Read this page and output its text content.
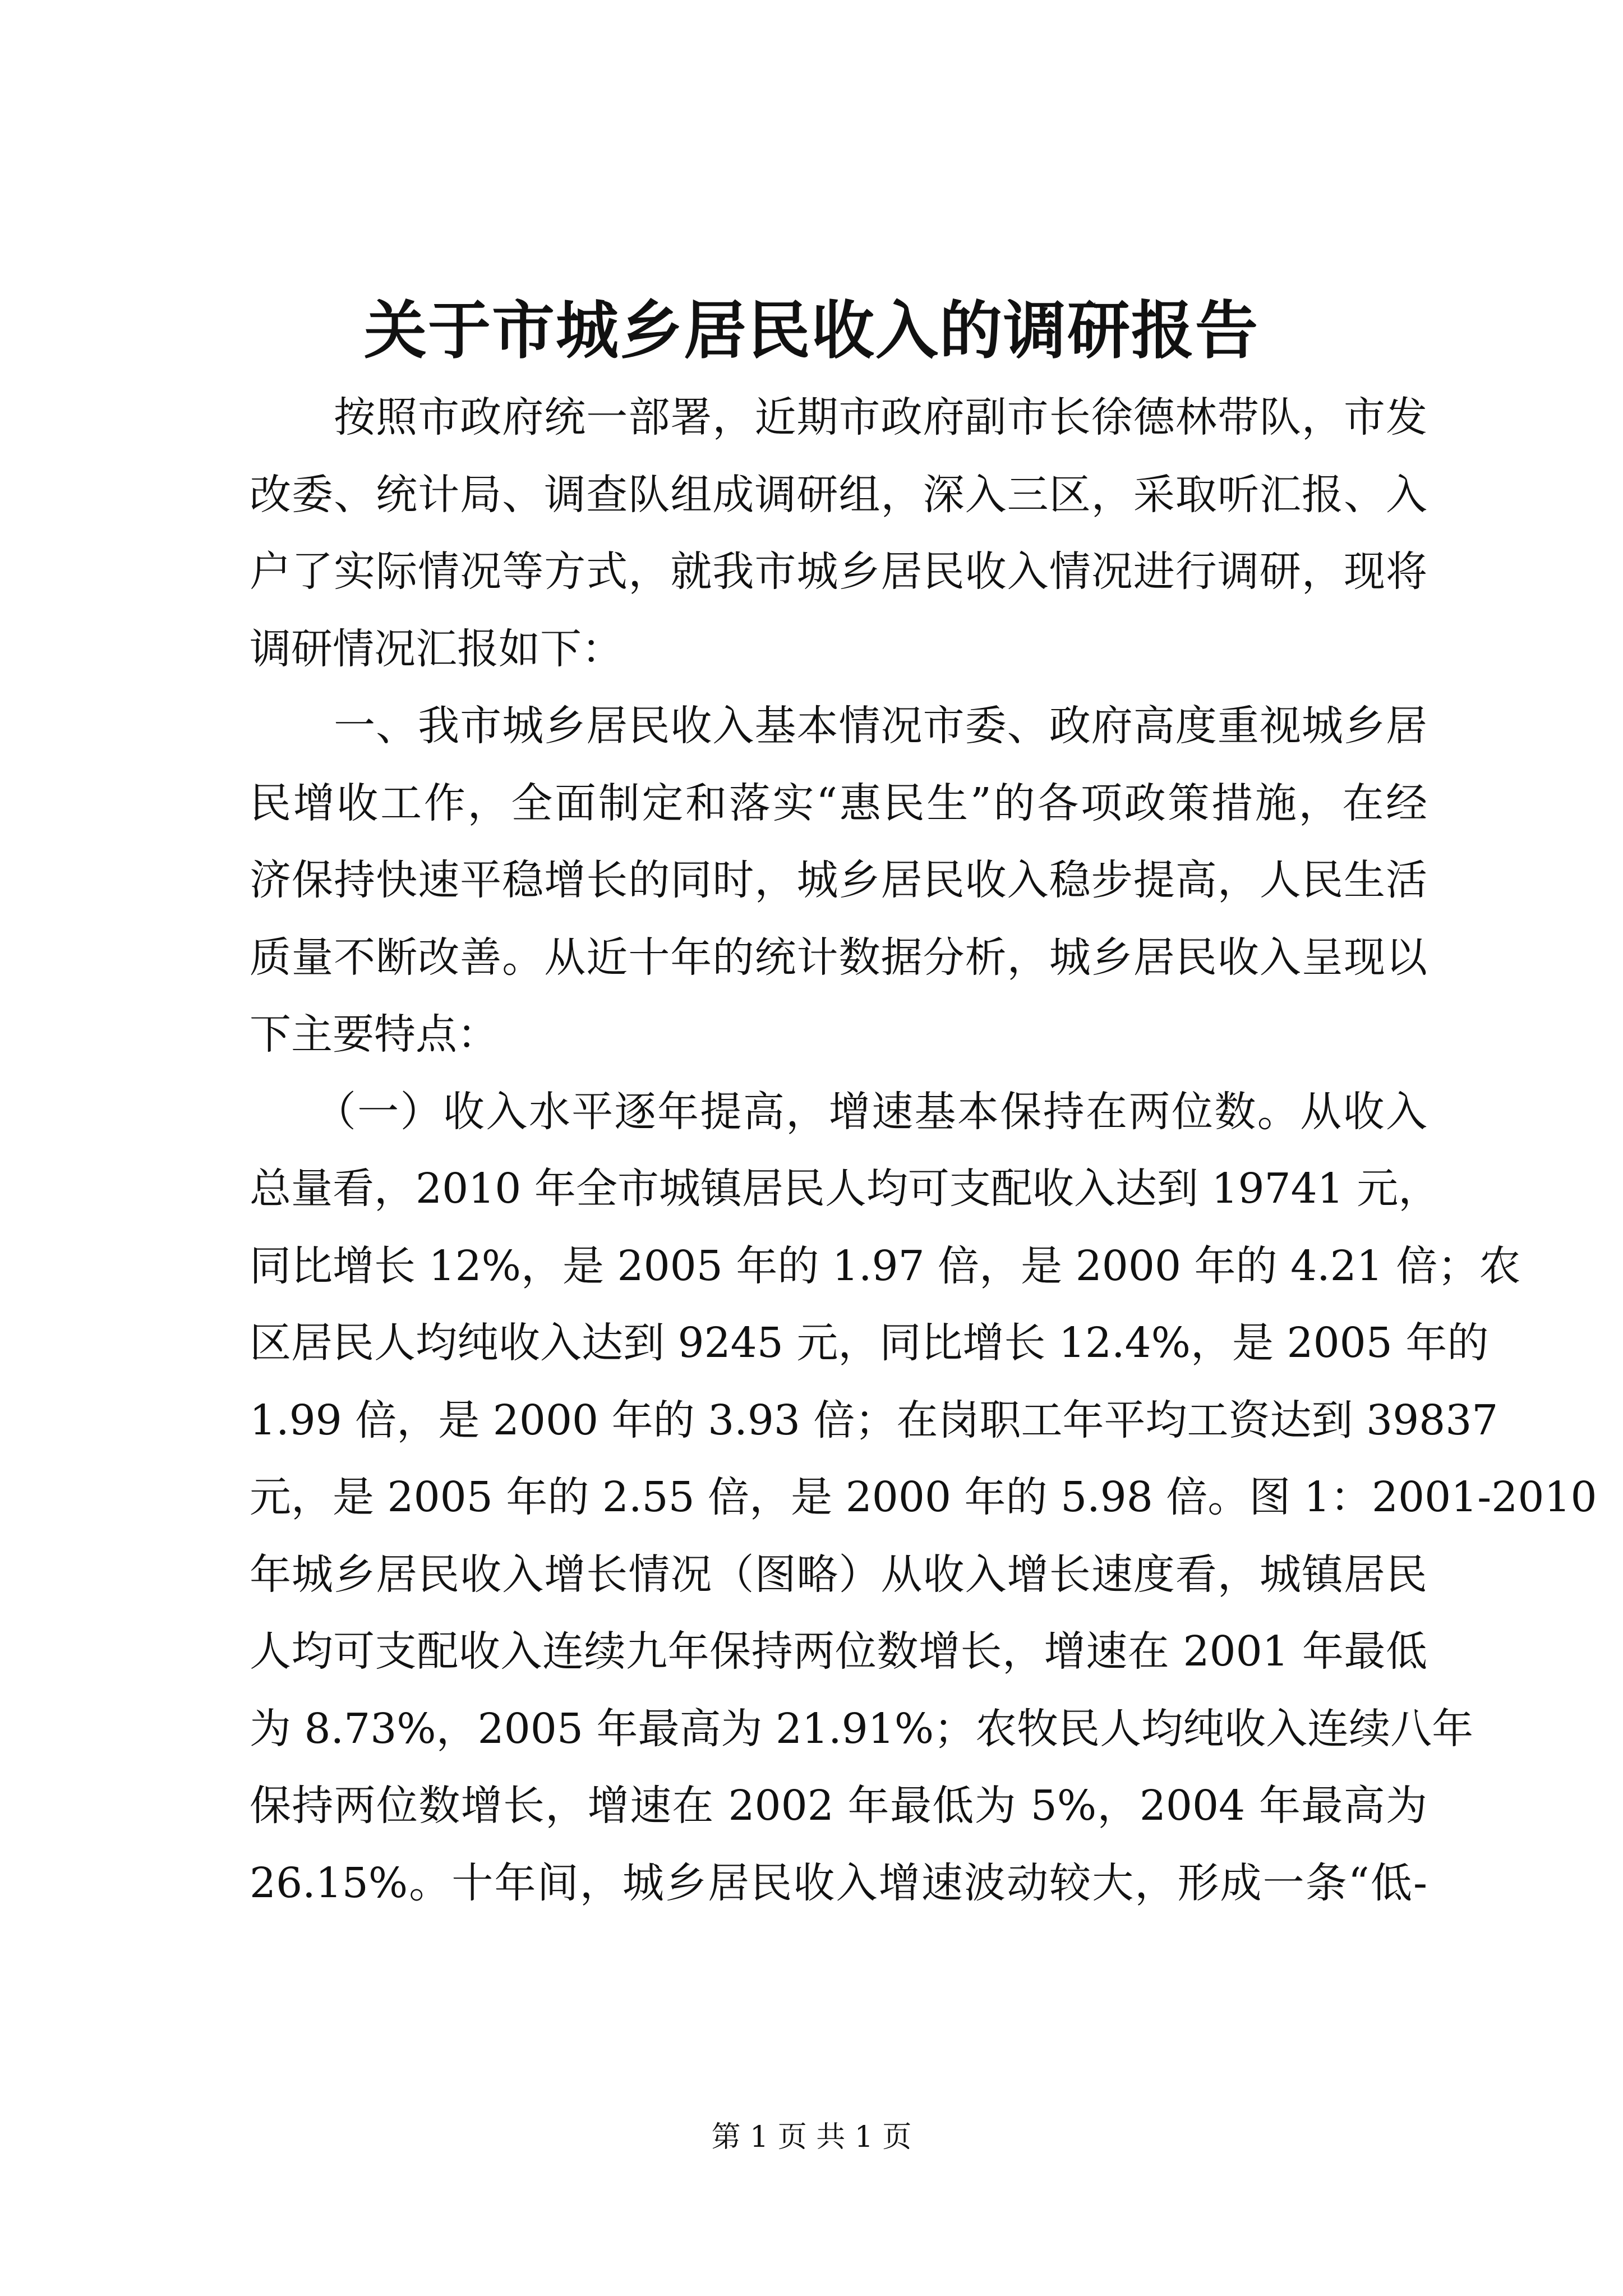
关于市城乡居民收入的调研报告
　　按照市政府统一部署，近期市政府副市长徐德林带队，市发
改委、统计局、调查队组成调研组，深入三区，采取听汇报、入
户了实际情况等方式，就我市城乡居民收入情况进行调研，现将
调研情况汇报如下：
　　一、我市城乡居民收入基本情况市委、政府高度重视城乡居
民增收工作，全面制定和落实“惠民生”的各项政策措施，在经
济保持快速平稳增长的同时，城乡居民收入稳步提高，人民生活
质量不断改善。从近十年的统计数据分析，城乡居民收入呈现以
下主要特点：
　　（一）收入水平逐年提高，增速基本保持在两位数。从收入
总量看，2010 年全市城镇居民人均可支配收入达到 19741 元，
同比增长 12%，是 2005 年的 1.97 倍，是 2000 年的 4.21 倍；农
区居民人均纯收入达到 9245 元，同比增长 12.4%，是 2005 年的
1.99 倍，是 2000 年的 3.93 倍；在岗职工年平均工资达到 39837
元，是 2005 年的 2.55 倍，是 2000 年的 5.98 倍。图 1：2001-2010
年城乡居民收入增长情况（图略）从收入增长速度看，城镇居民
人均可支配收入连续九年保持两位数增长，增速在 2001 年最低
为 8.73%，2005 年最高为 21.91%；农牧民人均纯收入连续八年
保持两位数增长，增速在 2002 年最低为 5%，2004 年最高为
26.15%。十年间，城乡居民收入增速波动较大，形成一条“低-
第 1 页 共 1 页
